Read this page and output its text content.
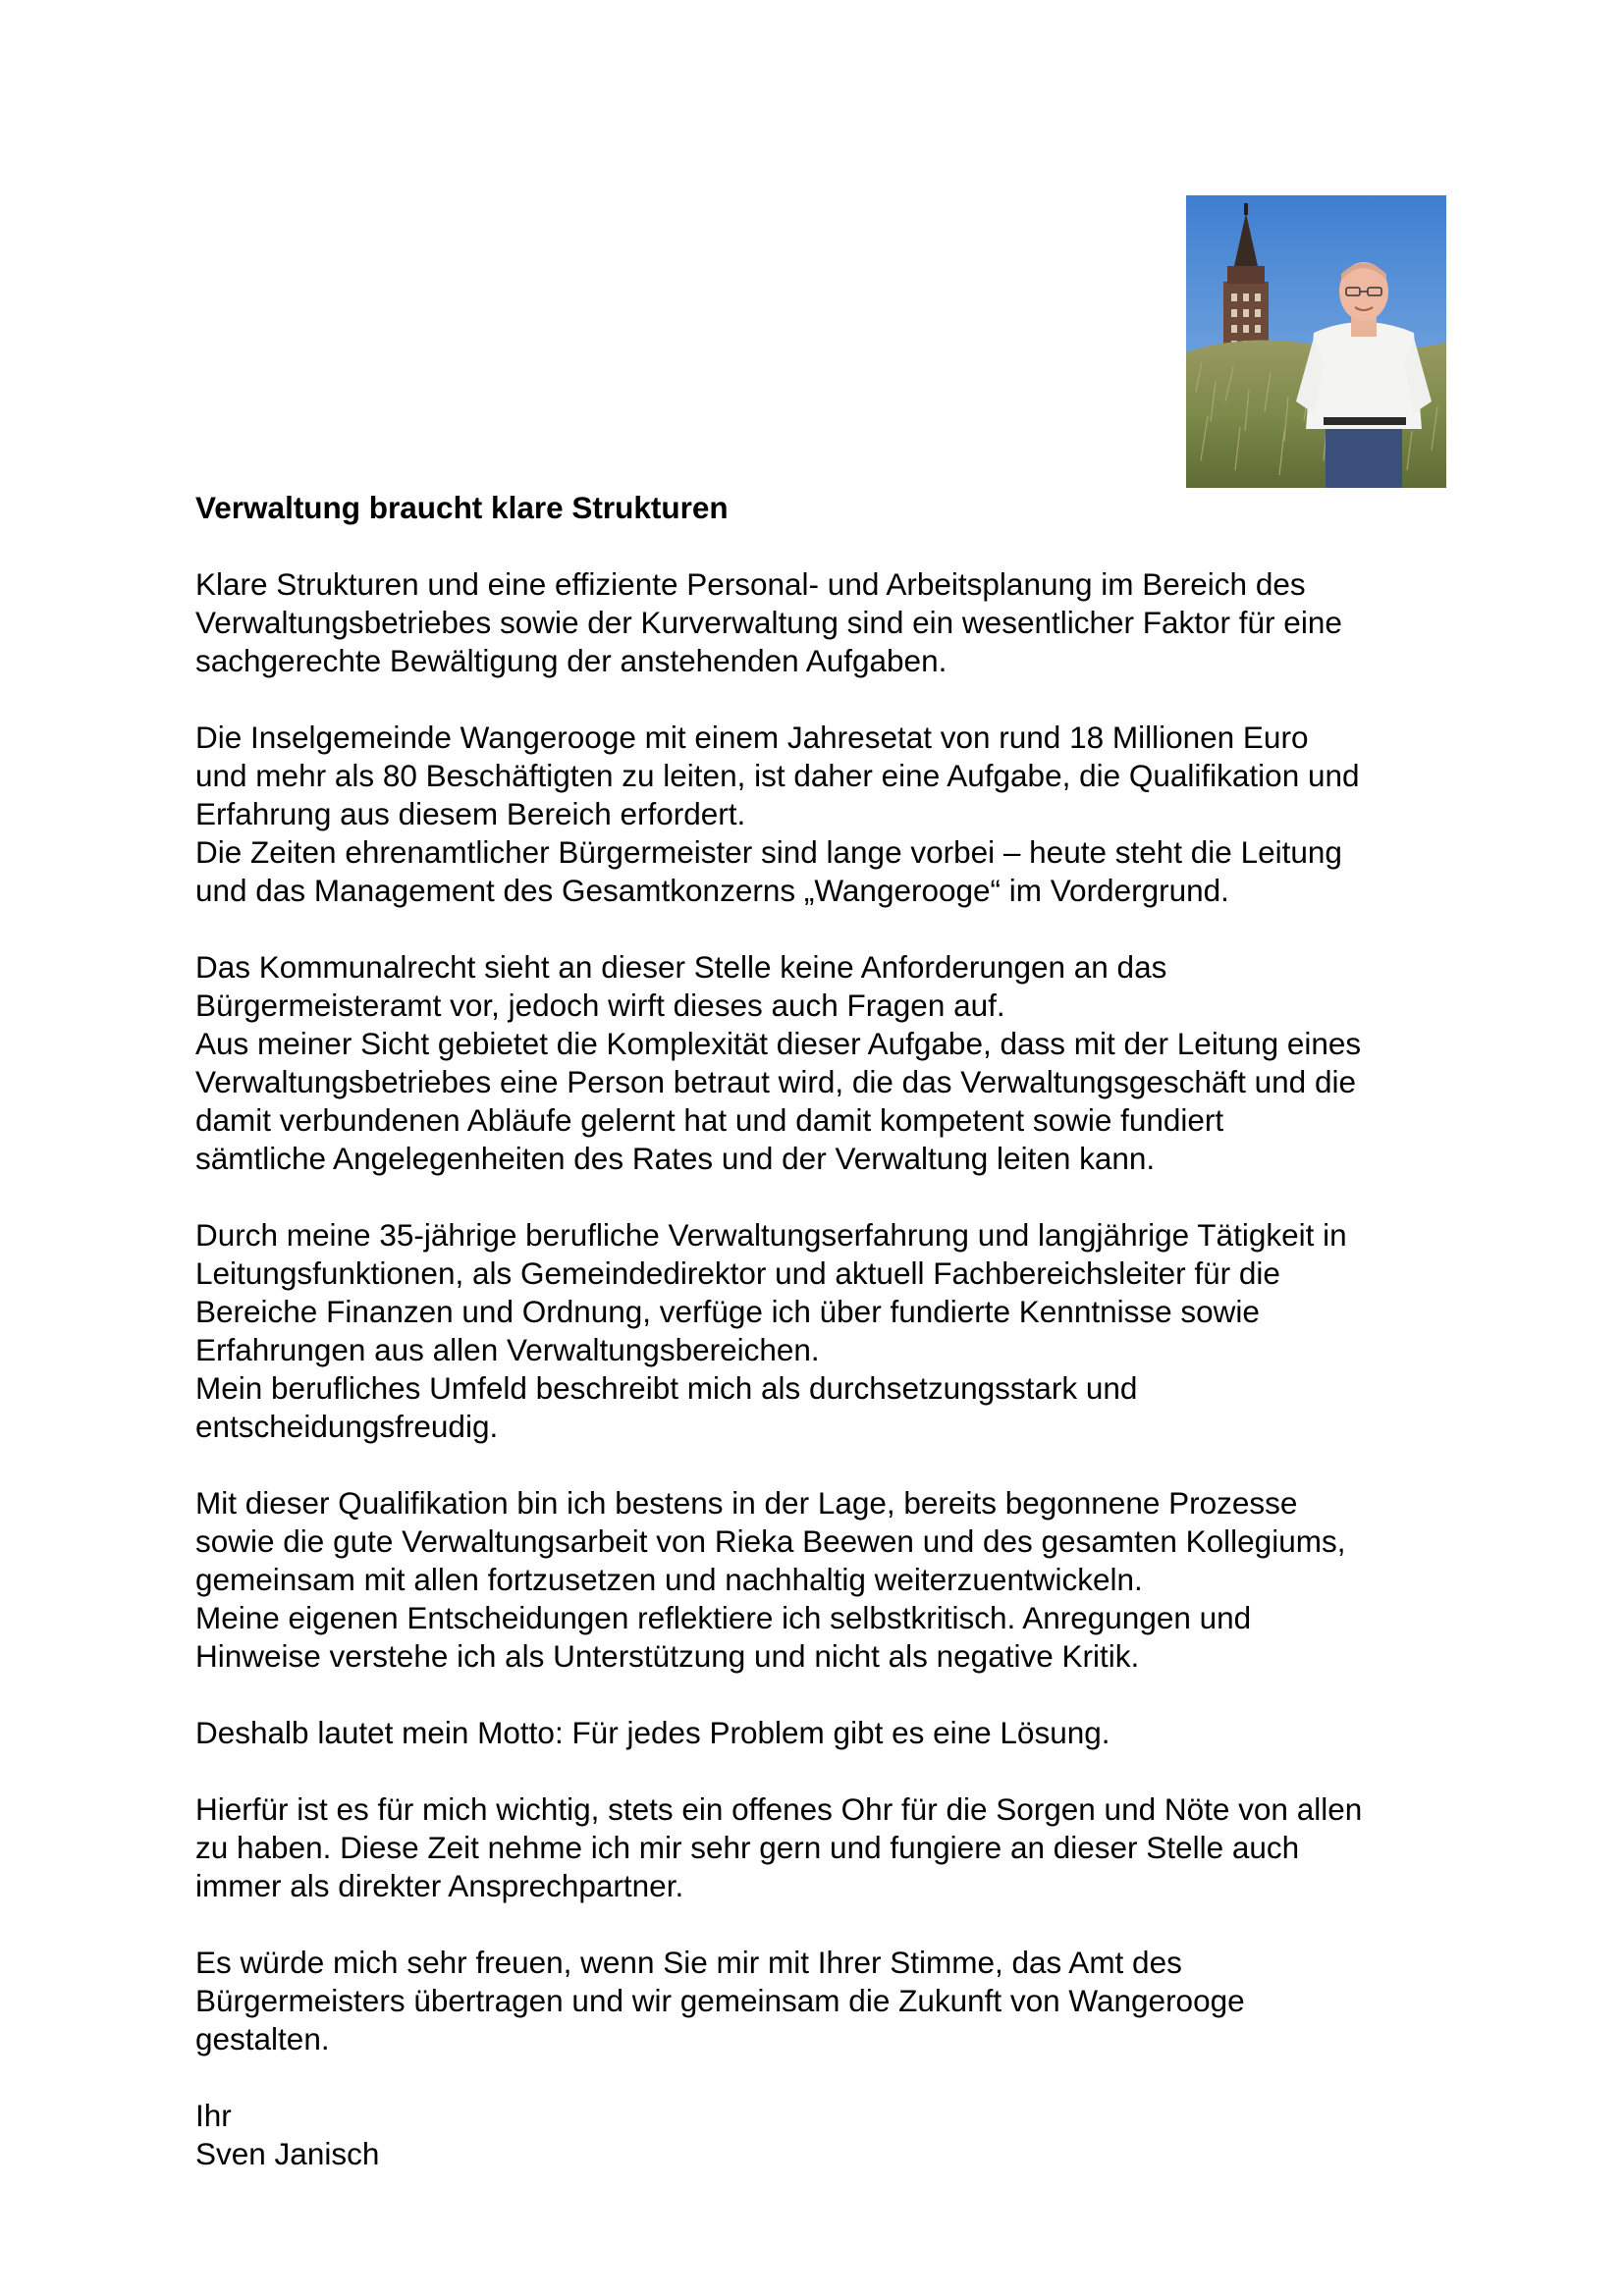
Verwaltung braucht klare Strukturen
Klare Strukturen und eine effiziente Personal- und Arbeitsplanung im Bereich des
Verwaltungsbetriebes sowie der Kurverwaltung sind ein wesentlicher Faktor für eine
sachgerechte Bewältigung der anstehenden Aufgaben.
Die Inselgemeinde Wangerooge mit einem Jahresetat von rund 18 Millionen Euro
und mehr als 80 Beschäftigten zu leiten, ist daher eine Aufgabe, die Qualifikation und
Erfahrung aus diesem Bereich erfordert.
Die Zeiten ehrenamtlicher Bürgermeister sind lange vorbei – heute steht die Leitung
und das Management des Gesamtkonzerns „Wangerooge“ im Vordergrund.
Das Kommunalrecht sieht an dieser Stelle keine Anforderungen an das
Bürgermeisteramt vor, jedoch wirft dieses auch Fragen auf.
Aus meiner Sicht gebietet die Komplexität dieser Aufgabe, dass mit der Leitung eines
Verwaltungsbetriebes eine Person betraut wird, die das Verwaltungsgeschäft und die
damit verbundenen Abläufe gelernt hat und damit kompetent sowie fundiert
sämtliche Angelegenheiten des Rates und der Verwaltung leiten kann.
Durch meine 35-jährige berufliche Verwaltungserfahrung und langjährige Tätigkeit in
Leitungsfunktionen, als Gemeindedirektor und aktuell Fachbereichsleiter für die
Bereiche Finanzen und Ordnung, verfüge ich über fundierte Kenntnisse sowie
Erfahrungen aus allen Verwaltungsbereichen.
Mein berufliches Umfeld beschreibt mich als durchsetzungsstark und
entscheidungsfreudig.
Mit dieser Qualifikation bin ich bestens in der Lage, bereits begonnene Prozesse
sowie die gute Verwaltungsarbeit von Rieka Beewen und des gesamten Kollegiums,
gemeinsam mit allen fortzusetzen und nachhaltig weiterzuentwickeln.
Meine eigenen Entscheidungen reflektiere ich selbstkritisch. Anregungen und
Hinweise verstehe ich als Unterstützung und nicht als negative Kritik.
Deshalb lautet mein Motto: Für jedes Problem gibt es eine Lösung.
Hierfür ist es für mich wichtig, stets ein offenes Ohr für die Sorgen und Nöte von allen
zu haben. Diese Zeit nehme ich mir sehr gern und fungiere an dieser Stelle auch
immer als direkter Ansprechpartner.
Es würde mich sehr freuen, wenn Sie mir mit Ihrer Stimme, das Amt des
Bürgermeisters übertragen und wir gemeinsam die Zukunft von Wangerooge
gestalten.
Ihr
Sven Janisch
